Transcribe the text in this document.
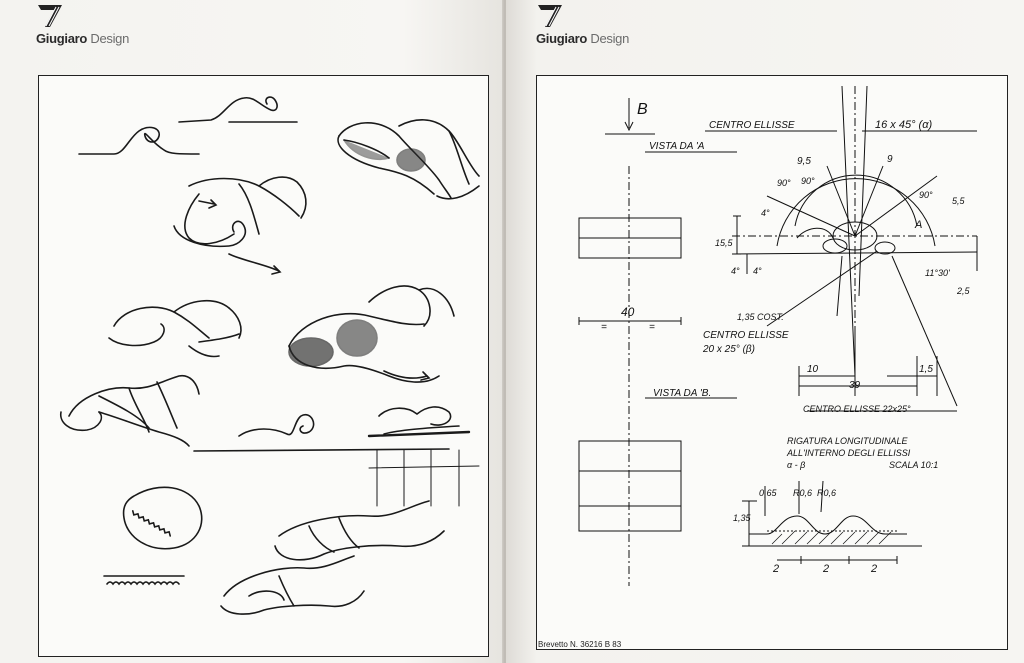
Giugiaro Design	Giugiaro Design
B
CENTRO ELLISSE	16 x 45° (α)
VISTA DA 'A
9,5	9
90° 90°
90°
5,5
15,5
4°
4° 4°
A
11°30'
2,5
40
=	=
1,35 COST.
CENTRO ELLISSE
20 x 25° (β)
10	1,5
39
VISTA DA 'B.
CENTRO ELLISSE 22x25°
RIGATURA LONGITUDINALE
ALL'INTERNO DEGLI ELLISSI
α - β	SCALA 10:1
0,65 R0,6 R0,6
1,35
2	2	2
Brevetto N. 36216 B 83
